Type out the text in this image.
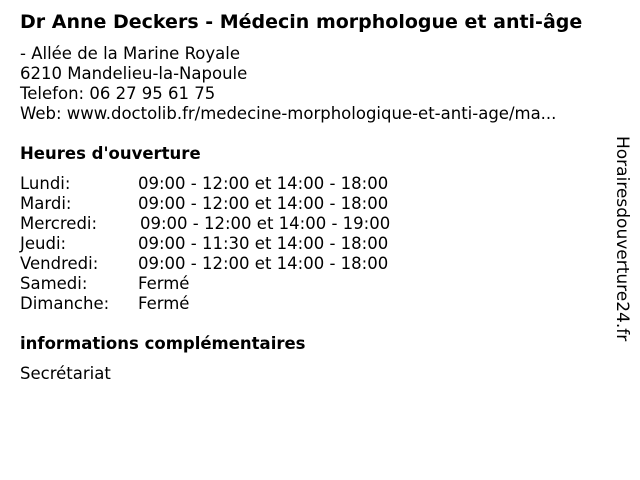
Dr Anne Deckers - Médecin morphologue et anti-âge
- Allée de la Marine Royale
6210 Mandelieu-la-Napoule
Telefon: 06 27 95 61 75
Web: www.doctolib.fr/medecine-morphologique-et-anti-age/ma...
Heures d'ouverture
Lundi:	09:00 - 12:00 et 14:00 - 18:00
Mardi:	09:00 - 12:00 et 14:00 - 18:00
Mercredi:	09:00 - 12:00 et 14:00 - 19:00
Jeudi:	09:00 - 11:30 et 14:00 - 18:00
Vendredi: 09:00 - 12:00 et 14:00 - 18:00
Samedi:	Fermé
Dimanche: Fermé
informations complémentaires
Secrétariat
Horairesdouverture24.fr
